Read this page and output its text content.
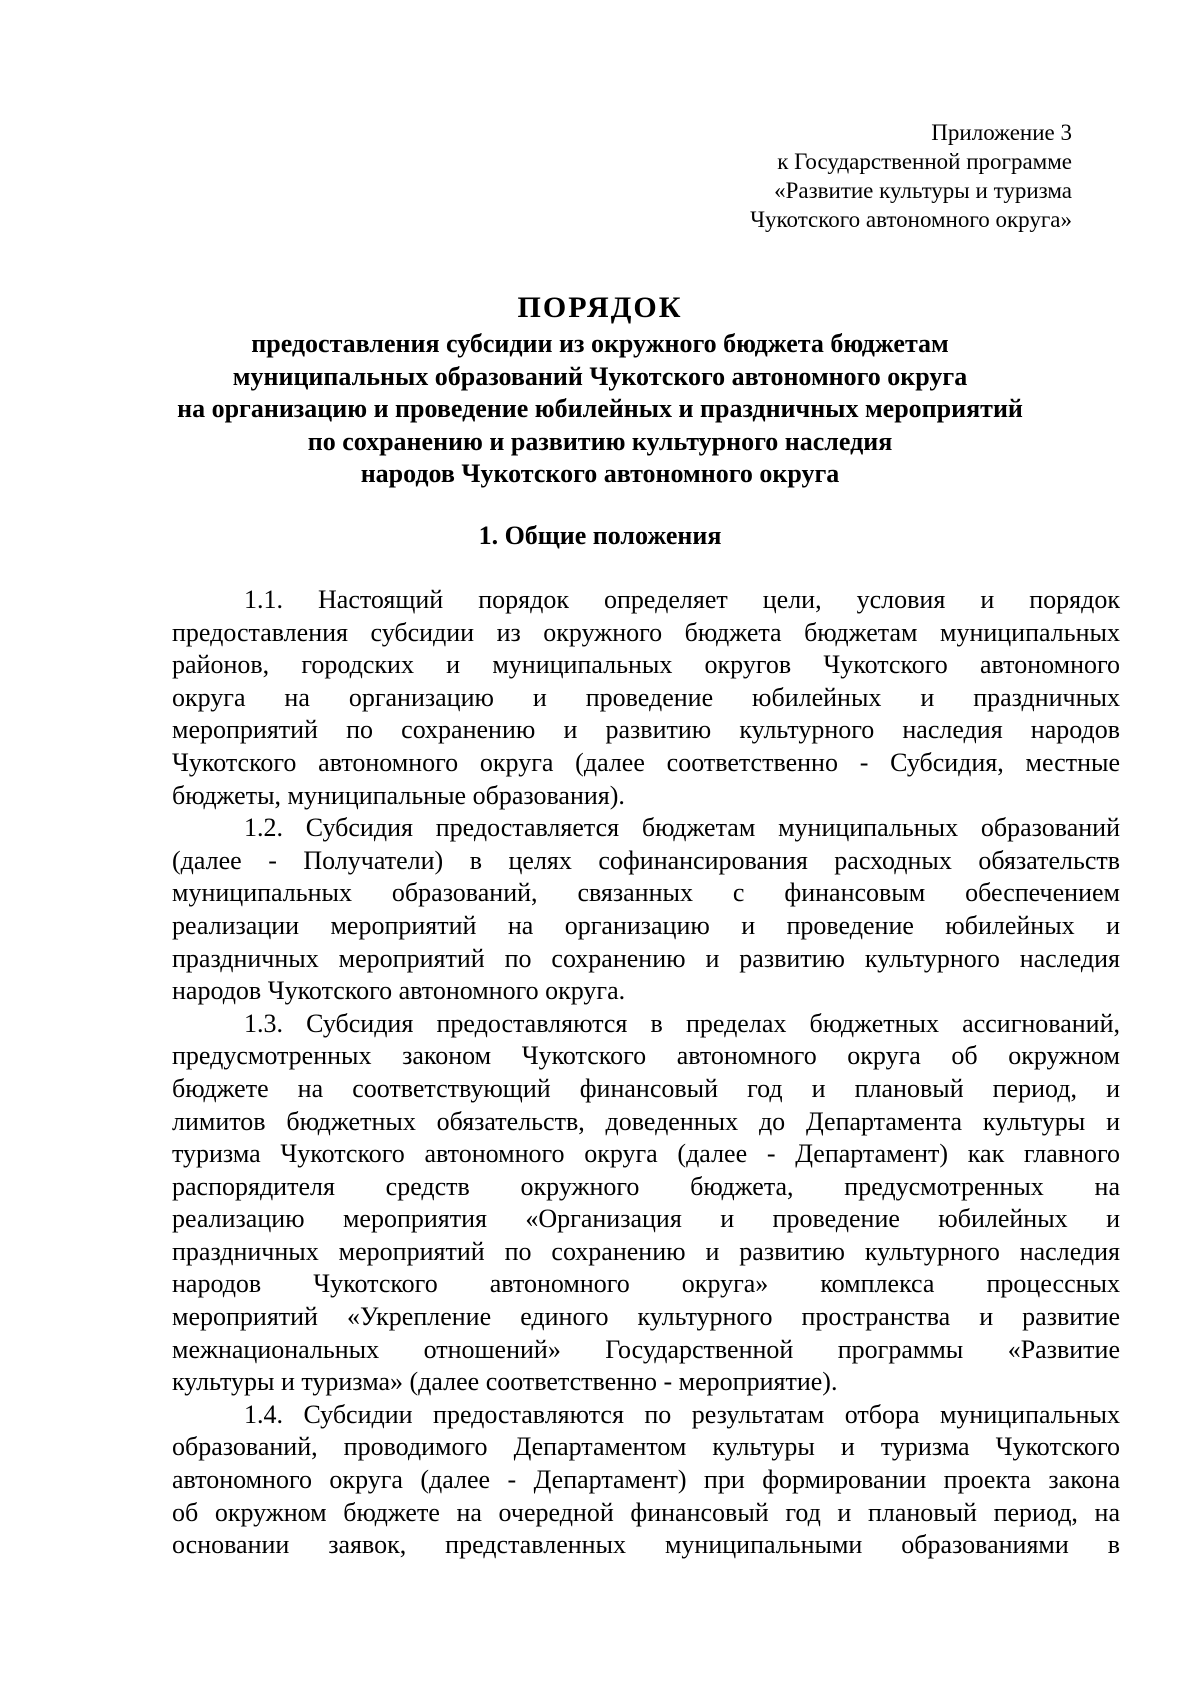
Приложение 3
к Государственной программе
«Развитие культуры и туризма
Чукотского автономного округа»
ПОРЯДОК
предоставления субсидии из окружного бюджета бюджетам
муниципальных образований Чукотского автономного округа
на организацию и проведение юбилейных и праздничных мероприятий
по сохранению и развитию культурного наследия
народов Чукотского автономного округа
1. Общие положения
1.1. Настоящий порядок определяет цели, условия и порядок
предоставления субсидии из окружного бюджета бюджетам муниципальных
районов, городских и муниципальных округов Чукотского автономного
округа на организацию и проведение юбилейных и праздничных
мероприятий по сохранению и развитию культурного наследия народов
Чукотского автономного округа (далее соответственно - Субсидия, местные
бюджеты, муниципальные образования).
1.2. Субсидия предоставляется бюджетам муниципальных образований
(далее - Получатели) в целях софинансирования расходных обязательств
муниципальных образований, связанных с финансовым обеспечением
реализации мероприятий на организацию и проведение юбилейных и
праздничных мероприятий по сохранению и развитию культурного наследия
народов Чукотского автономного округа.
1.3. Субсидия предоставляются в пределах бюджетных ассигнований,
предусмотренных законом Чукотского автономного округа об окружном
бюджете на соответствующий финансовый год и плановый период, и
лимитов бюджетных обязательств, доведенных до Департамента культуры и
туризма Чукотского автономного округа (далее - Департамент) как главного
распорядителя средств окружного бюджета, предусмотренных на
реализацию мероприятия «Организация и проведение юбилейных и
праздничных мероприятий по сохранению и развитию культурного наследия
народов Чукотского автономного округа» комплекса процессных
мероприятий «Укрепление единого культурного пространства и развитие
межнациональных отношений» Государственной программы «Развитие
культуры и туризма» (далее соответственно - мероприятие).
1.4. Субсидии предоставляются по результатам отбора муниципальных
образований, проводимого Департаментом культуры и туризма Чукотского
автономного округа (далее - Департамент) при формировании проекта закона
об окружном бюджете на очередной финансовый год и плановый период, на
основании заявок, представленных муниципальными образованиями в
